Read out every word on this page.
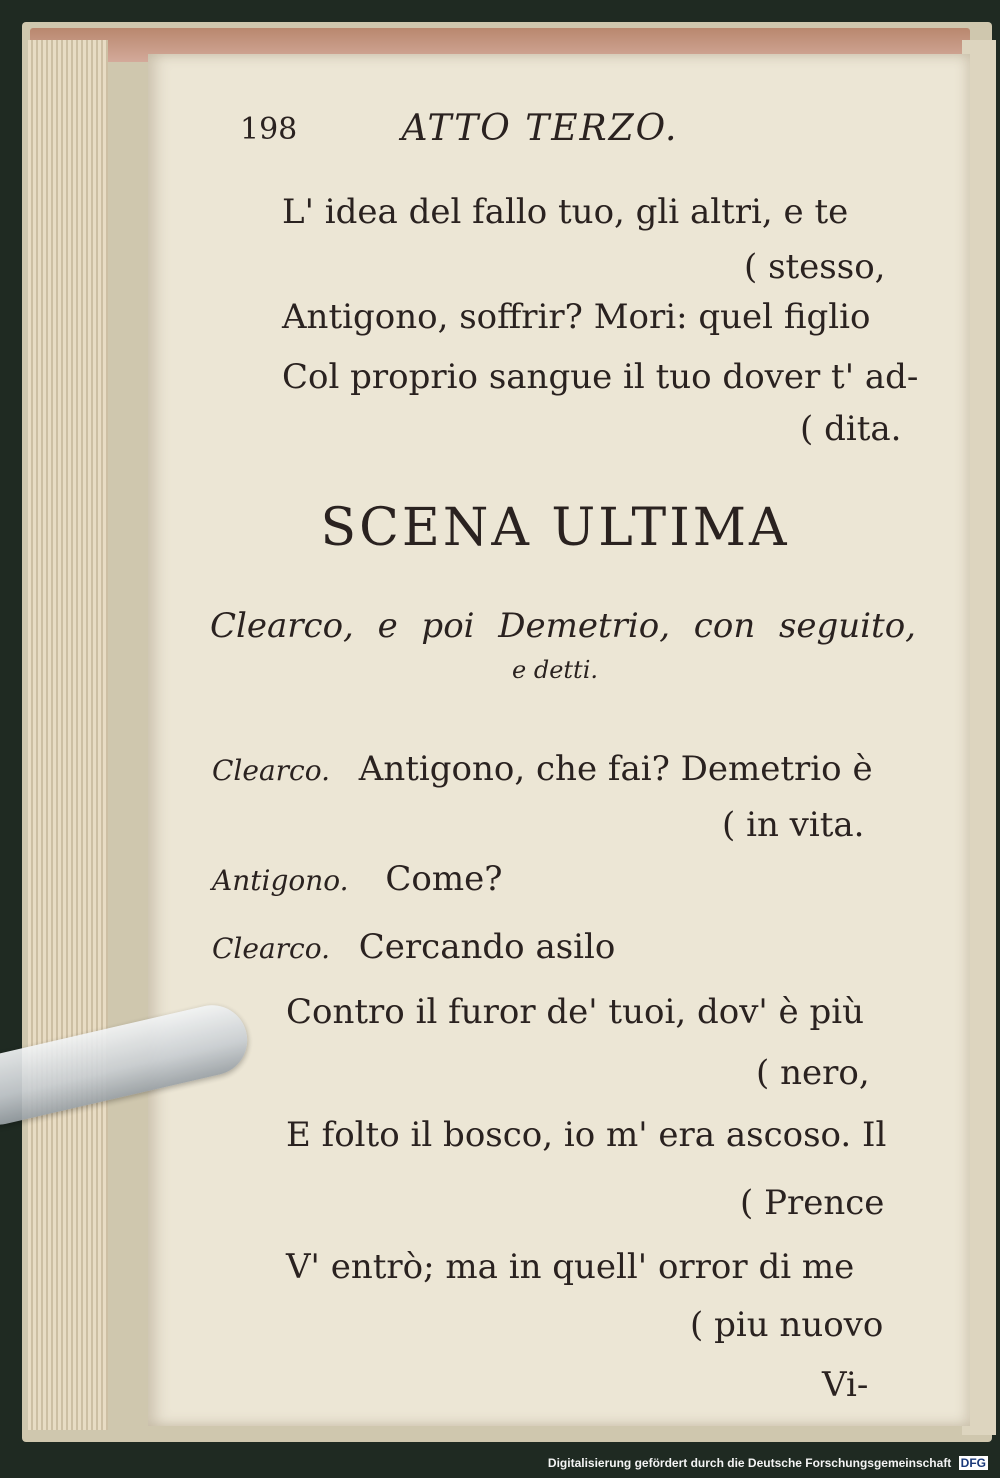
198	ATTO TERZO.
L' idea del fallo tuo, gli altri, e te
( stesso,
Antigono, soffrir? Mori: quel figlio
Col proprio sangue il tuo dover t' ad-
( dita.
SCENA ULTIMA
Clearco, e poi Demetrio, con seguito,
e detti.
Clearco. Antigono, che fai? Demetrio è
( in vita.
Antigono. Come?
Clearco. Cercando asilo
Contro il furor de' tuoi, dov' è più
( nero,
E folto il bosco, io m' era ascoso. Il
( Prence
V' entrò; ma in quell' orror di me
( piu nuovo
Vi-
Digitalisierung gefördert durch die Deutsche Forschungsgemeinschaft DFG
